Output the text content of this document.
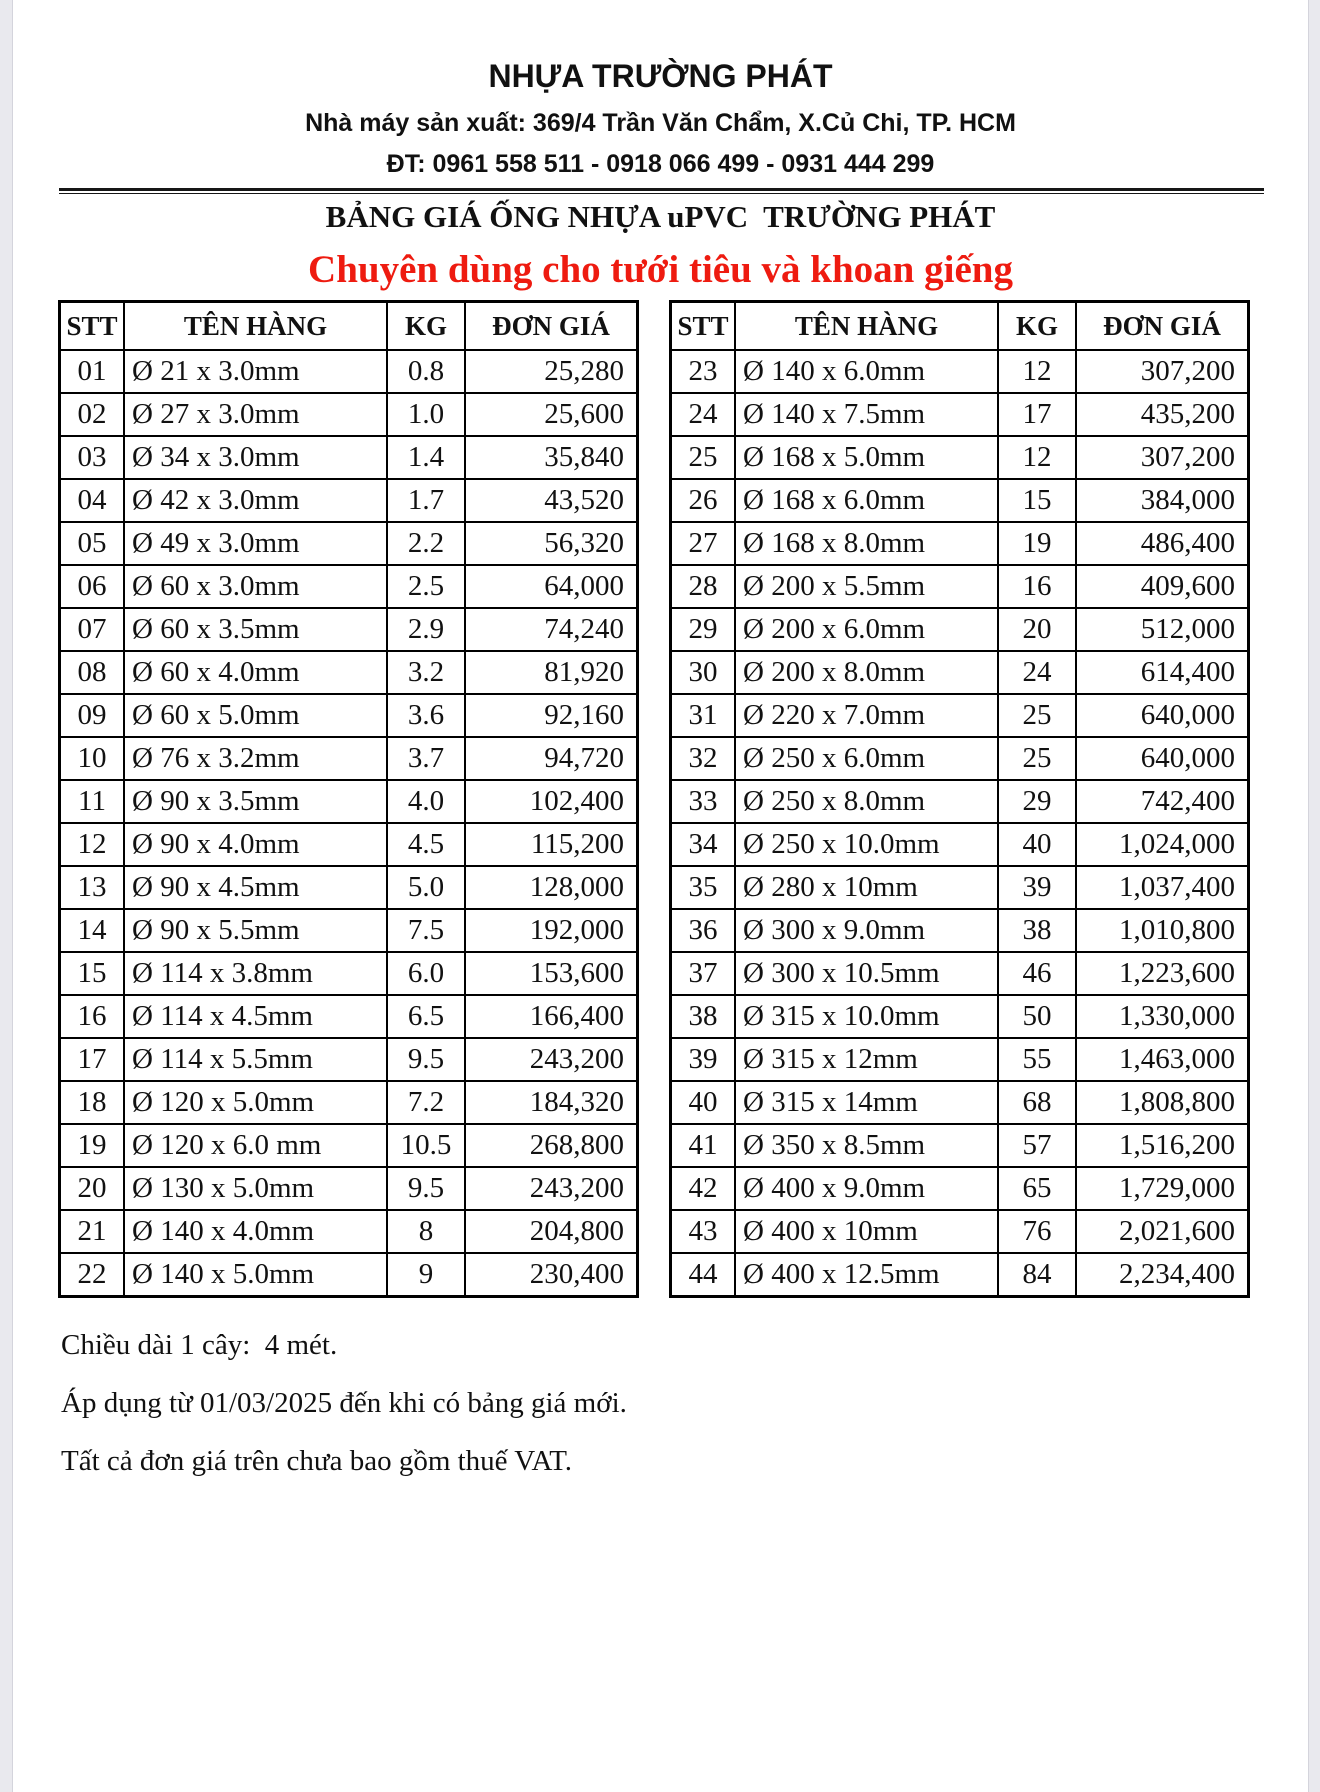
NHỰA TRƯỜNG PHÁT
Nhà máy sản xuất: 369/4 Trần Văn Chẩm, X.Củ Chi, TP. HCM
ĐT: 0961 558 511 - 0918 066 499 - 0931 444 299
BẢNG GIÁ ỐNG NHỰA uPVC  TRƯỜNG PHÁT
Chuyên dùng cho tưới tiêu và khoan giếng
STT	TÊN HÀNG	KG	ĐƠN GIÁ
01	Ø 21 x 3.0mm	0.8	25,280
02	Ø 27 x 3.0mm	1.0	25,600
03	Ø 34 x 3.0mm	1.4	35,840
04	Ø 42 x 3.0mm	1.7	43,520
05	Ø 49 x 3.0mm	2.2	56,320
06	Ø 60 x 3.0mm	2.5	64,000
07	Ø 60 x 3.5mm	2.9	74,240
08	Ø 60 x 4.0mm	3.2	81,920
09	Ø 60 x 5.0mm	3.6	92,160
10	Ø 76 x 3.2mm	3.7	94,720
11	Ø 90 x 3.5mm	4.0	102,400
12	Ø 90 x 4.0mm	4.5	115,200
13	Ø 90 x 4.5mm	5.0	128,000
14	Ø 90 x 5.5mm	7.5	192,000
15	Ø 114 x 3.8mm	6.0	153,600
16	Ø 114 x 4.5mm	6.5	166,400
17	Ø 114 x 5.5mm	9.5	243,200
18	Ø 120 x 5.0mm	7.2	184,320
19	Ø 120 x 6.0 mm	10.5	268,800
20	Ø 130 x 5.0mm	9.5	243,200
21	Ø 140 x 4.0mm	8	204,800
22	Ø 140 x 5.0mm	9	230,400
STT	TÊN HÀNG	KG	ĐƠN GIÁ
23	Ø 140 x 6.0mm	12	307,200
24	Ø 140 x 7.5mm	17	435,200
25	Ø 168 x 5.0mm	12	307,200
26	Ø 168 x 6.0mm	15	384,000
27	Ø 168 x 8.0mm	19	486,400
28	Ø 200 x 5.5mm	16	409,600
29	Ø 200 x 6.0mm	20	512,000
30	Ø 200 x 8.0mm	24	614,400
31	Ø 220 x 7.0mm	25	640,000
32	Ø 250 x 6.0mm	25	640,000
33	Ø 250 x 8.0mm	29	742,400
34	Ø 250 x 10.0mm	40	1,024,000
35	Ø 280 x 10mm	39	1,037,400
36	Ø 300 x 9.0mm	38	1,010,800
37	Ø 300 x 10.5mm	46	1,223,600
38	Ø 315 x 10.0mm	50	1,330,000
39	Ø 315 x 12mm	55	1,463,000
40	Ø 315 x 14mm	68	1,808,800
41	Ø 350 x 8.5mm	57	1,516,200
42	Ø 400 x 9.0mm	65	1,729,000
43	Ø 400 x 10mm	76	2,021,600
44	Ø 400 x 12.5mm	84	2,234,400
Chiều dài 1 cây:  4 mét.
Áp dụng từ 01/03/2025 đến khi có bảng giá mới.
Tất cả đơn giá trên chưa bao gồm thuế VAT.
